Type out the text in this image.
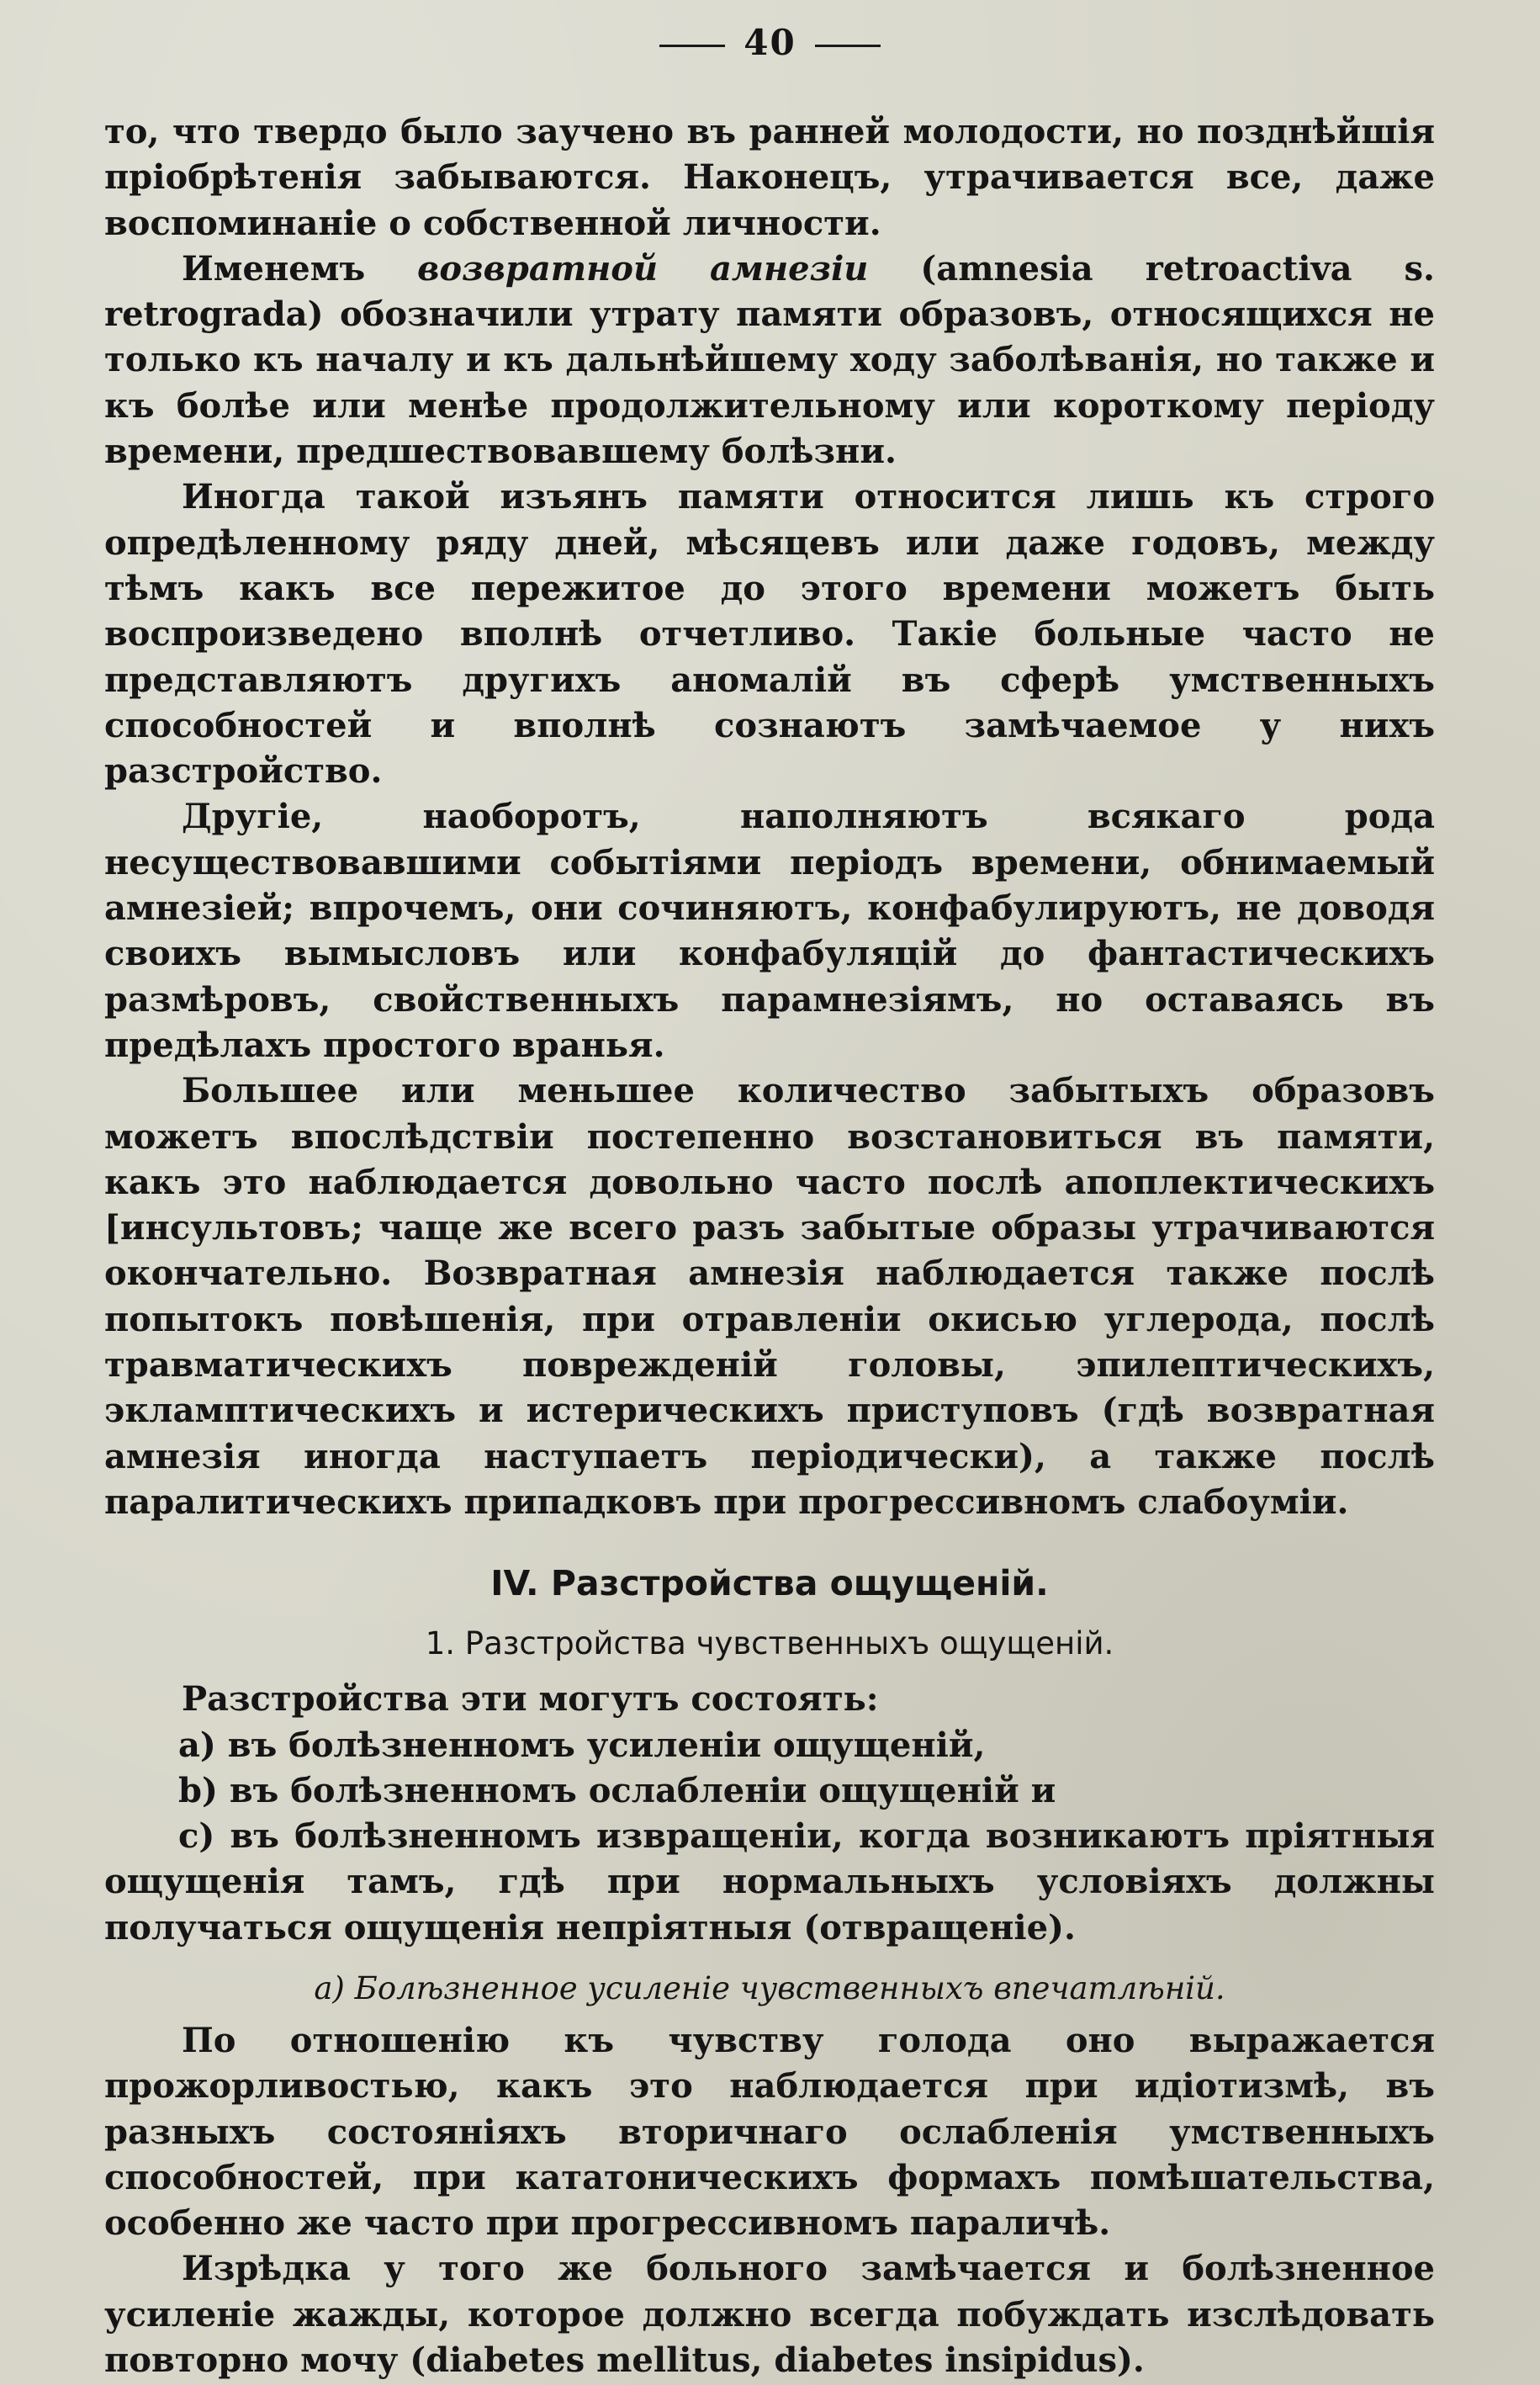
40

то, что твердо было заучено въ ранней молодости, но позднѣйшія пріобрѣтенія забываются. Наконецъ, утрачивается все, даже воспоминаніе о собственной личности.

Именемъ возвратной амнезіи (amnesia retroactiva s. retrograda) обозначили утрату памяти образовъ, относящихся не только къ началу и къ дальнѣйшему ходу заболѣванія, но также и къ болѣе или менѣе продолжительному или короткому періоду времени, предшествовавшему болѣзни.

Иногда такой изъянъ памяти относится лишь къ строго опредѣленному ряду дней, мѣсяцевъ или даже годовъ, между тѣмъ какъ все пережитое до этого времени можетъ быть воспроизведено вполнѣ отчетливо. Такіе больные часто не представляютъ другихъ аномалій въ сферѣ умственныхъ способностей и вполнѣ сознаютъ замѣчаемое у нихъ разстройство.

Другіе, наоборотъ, наполняютъ всякаго рода несуществовавшими событіями періодъ времени, обнимаемый амнезіей; впрочемъ, они сочиняютъ, конфабулируютъ, не доводя своихъ вымысловъ или конфабуляцій до фантастическихъ размѣровъ, свойственныхъ парамнезіямъ, но оставаясь въ предѣлахъ простого вранья.

Большее или меньшее количество забытыхъ образовъ можетъ впослѣдствіи постепенно возстановиться въ памяти, какъ это наблюдается довольно часто послѣ апоплектическихъ [инсультовъ; чаще же всего разъ забытые образы утрачиваются окончательно. Возвратная амнезія наблюдается также послѣ попытокъ повѣшенія, при отравленіи окисью углерода, послѣ травматическихъ поврежденій головы, эпилептическихъ, экламптическихъ и истерическихъ приступовъ (гдѣ возвратная амнезія иногда наступаетъ періодически), а также послѣ паралитическихъ припадковъ при прогрессивномъ слабоуміи.

IV. Разстройства ощущеній.
1. Разстройства чувственныхъ ощущеній.

Разстройства эти могутъ состоять:

a) въ болѣзненномъ усиленіи ощущеній,

b) въ болѣзненномъ ослабленіи ощущеній и

c) въ болѣзненномъ извращеніи, когда возникаютъ пріятныя ощущенія тамъ, гдѣ при нормальныхъ условіяхъ должны получаться ощущенія непріятныя (отвращеніе).

a) Болѣзненное усиленіе чувственныхъ впечатлѣній.

По отношенію къ чувству голода оно выражается прожорливостью, какъ это наблюдается при идіотизмѣ, въ разныхъ состояніяхъ вторичнаго ослабленія умственныхъ способностей, при кататоническихъ формахъ помѣшательства, особенно же часто при прогрессивномъ параличѣ.

Изрѣдка у того же больного замѣчается и болѣзненное усиленіе жажды, которое должно всегда побуждать изслѣдовать повторно мочу (diabetes mellitus, diabetes insipidus).
